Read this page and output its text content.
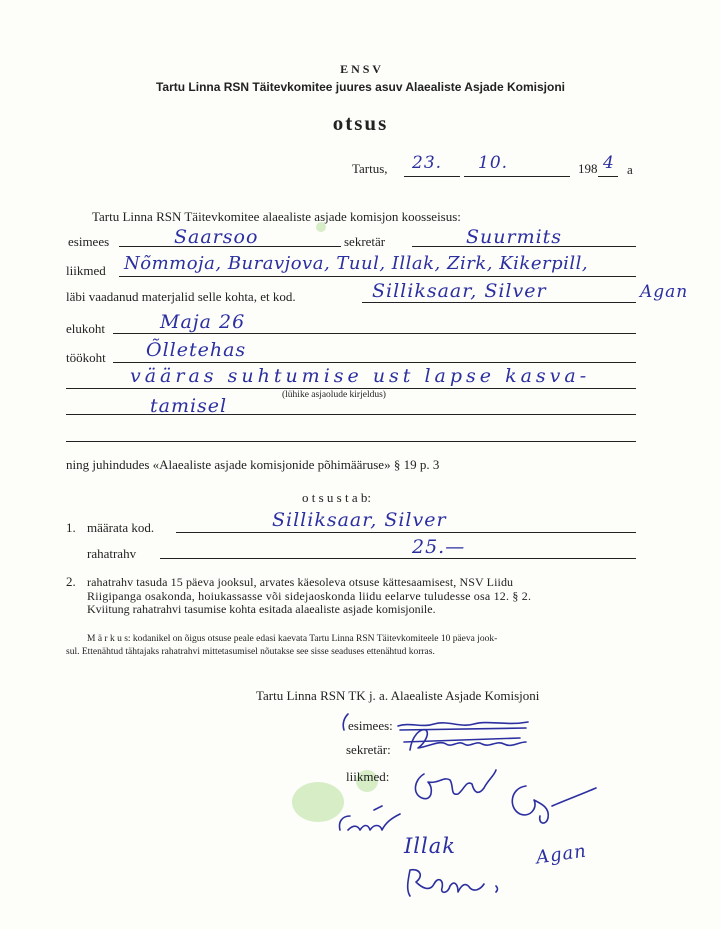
E N S V
Tartu Linna RSN Täitevkomitee juures asuv Alaealiste Asjade Komisjoni
otsus
Tartus, 23. 10.	198 4 a
Tartu Linna RSN Täitevkomitee alaealiste asjade komisjon koosseisus:
esimees	Saarsoo	sekretär	Suurmits
liikmed Nõmmoja, Buravjova, Tuul, Illak, Zirk, Kikerpill,
Agan
läbi vaadanud materjalid selle kohta, et kod.	Silliksaar, Silver
elukoht	Maja 26
töökoht Õlletehas
vääras suhtumise ust lapse kasva-
tamisel	(lühike asjaolude kirjeldus)
ning juhindudes «Alaealiste asjade komisjonide põhimääruse» § 19 p. 3
o t s u s t a b:
1. määrata kod.	Silliksaar, Silver
rahatrahv	25.—
2. rahatrahv tasuda 15 päeva jooksul, arvates käesoleva otsuse kättesaamisest, NSV Liidu
Riigipanga osakonda, hoiukassasse või sidejaoskonda liidu eelarve tuludesse osa 12. § 2.
Kviitung rahatrahvi tasumise kohta esitada alaealiste asjade komisjonile.
M ä r k u s: kodanikel on õigus otsuse peale edasi kaevata Tartu Linna RSN Täitevkomiteele 10 päeva jook-
sul. Ettenähtud tähtajaks rahatrahvi mittetasumisel nõutakse see sisse seaduses ettenähtud korras.
Tartu Linna RSN TK j. a. Alaealiste Asjade Komisjoni
esimees:
sekretär:
liikmed:
Illak	Agan
